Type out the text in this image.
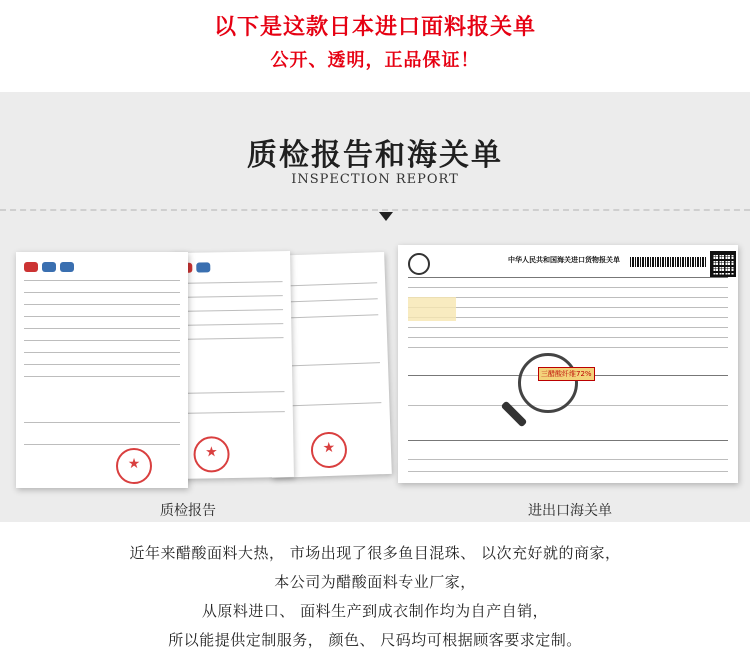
以下是这款日本进口面料报关单
公开、透明，正品保证！
质检报告和海关单
INSPECTION REPORT
★
★
★
质检报告
中华人民共和国海关进口货物报关单
三醋酸纤维72%
进出口海关单
近年来醋酸面料大热， 市场出现了很多鱼目混珠、 以次充好就的商家，
本公司为醋酸面料专业厂家，
从原料进口、 面料生产到成衣制作均为自产自销，
所以能提供定制服务， 颜色、 尺码均可根据顾客要求定制。
